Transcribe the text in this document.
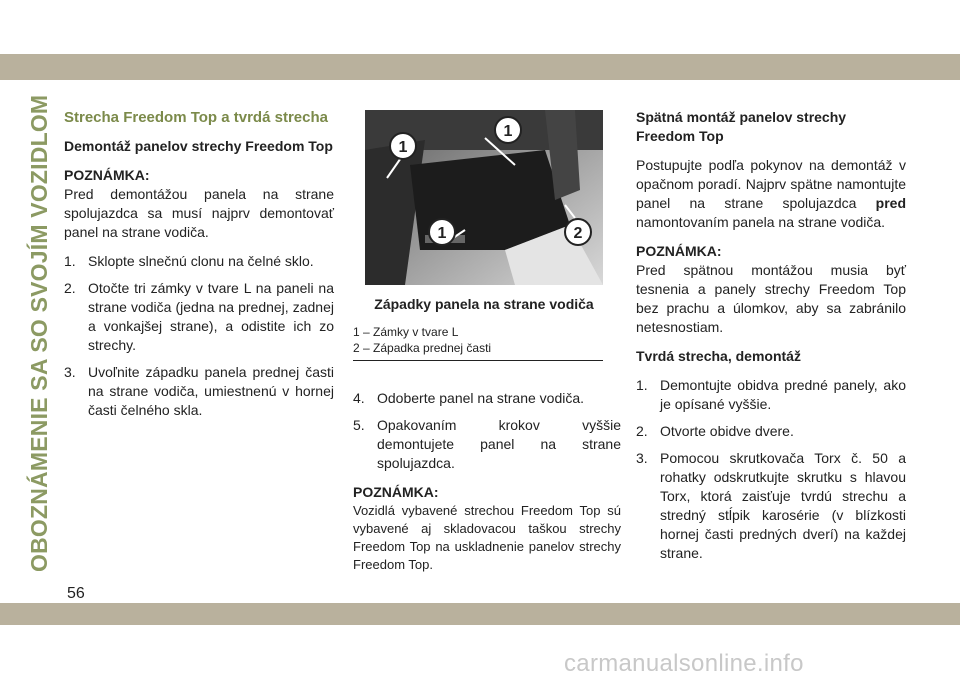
OBOZNÁMENIE SA SO SVOJÍM VOZIDLOM Strecha Freedom Top a tvrdá strecha
Demontáž panelov strechy Freedom Top
POZNÁMKA:

Pred demontážou panela na strane spolujazdca sa musí najprv demontovať panel na strane vodiča.

1. Sklopte slnečnú clonu na čelné sklo.
2. Otočte tri zámky v tvare L na paneli na strane vodiča (jedna na prednej, zadnej a vonkajšej strane), a odistite ich zo strechy.
3. Uvoľnite západku panela prednej časti na strane vodiča, umiestnenú v hornej časti čelného skla.
1
1
1	2
Západky panela na strane vodiča
1 – Zámky v tvare L
2 – Západka prednej časti
4. Odoberte panel na strane vodiča.
5. Opakovaním krokov vyššie demontujete panel na strane spolujazdca.
POZNÁMKA:

Vozidlá vybavené strechou Freedom Top sú vybavené aj skladovacou taškou strechy Freedom Top na uskladnenie panelov strechy Freedom Top.

Spätná montáž panelov strechy Freedom Top

Postupujte podľa pokynov na demontáž v opačnom poradí. Najprv spätne namontujte panel na strane spolujazdca pred namontovaním panela na strane vodiča.

POZNÁMKA:

Pred spätnou montážou musia byť tesnenia a panely strechy Freedom Top bez prachu a úlomkov, aby sa zabránilo netesnostiam.

Tvrdá strecha, demontáž
1. Demontujte obidva predné panely, ako je opísané vyššie.
2. Otvorte obidve dvere.
3. Pomocou skrutkovača Torx č. 50 a rohatky odskrutkujte skrutku s hlavou Torx, ktorá zaisťuje tvrdú strechu a stredný stĺpik karosérie (v blízkosti hornej časti predných dverí) na každej strane.
56
carmanualsonline.info
